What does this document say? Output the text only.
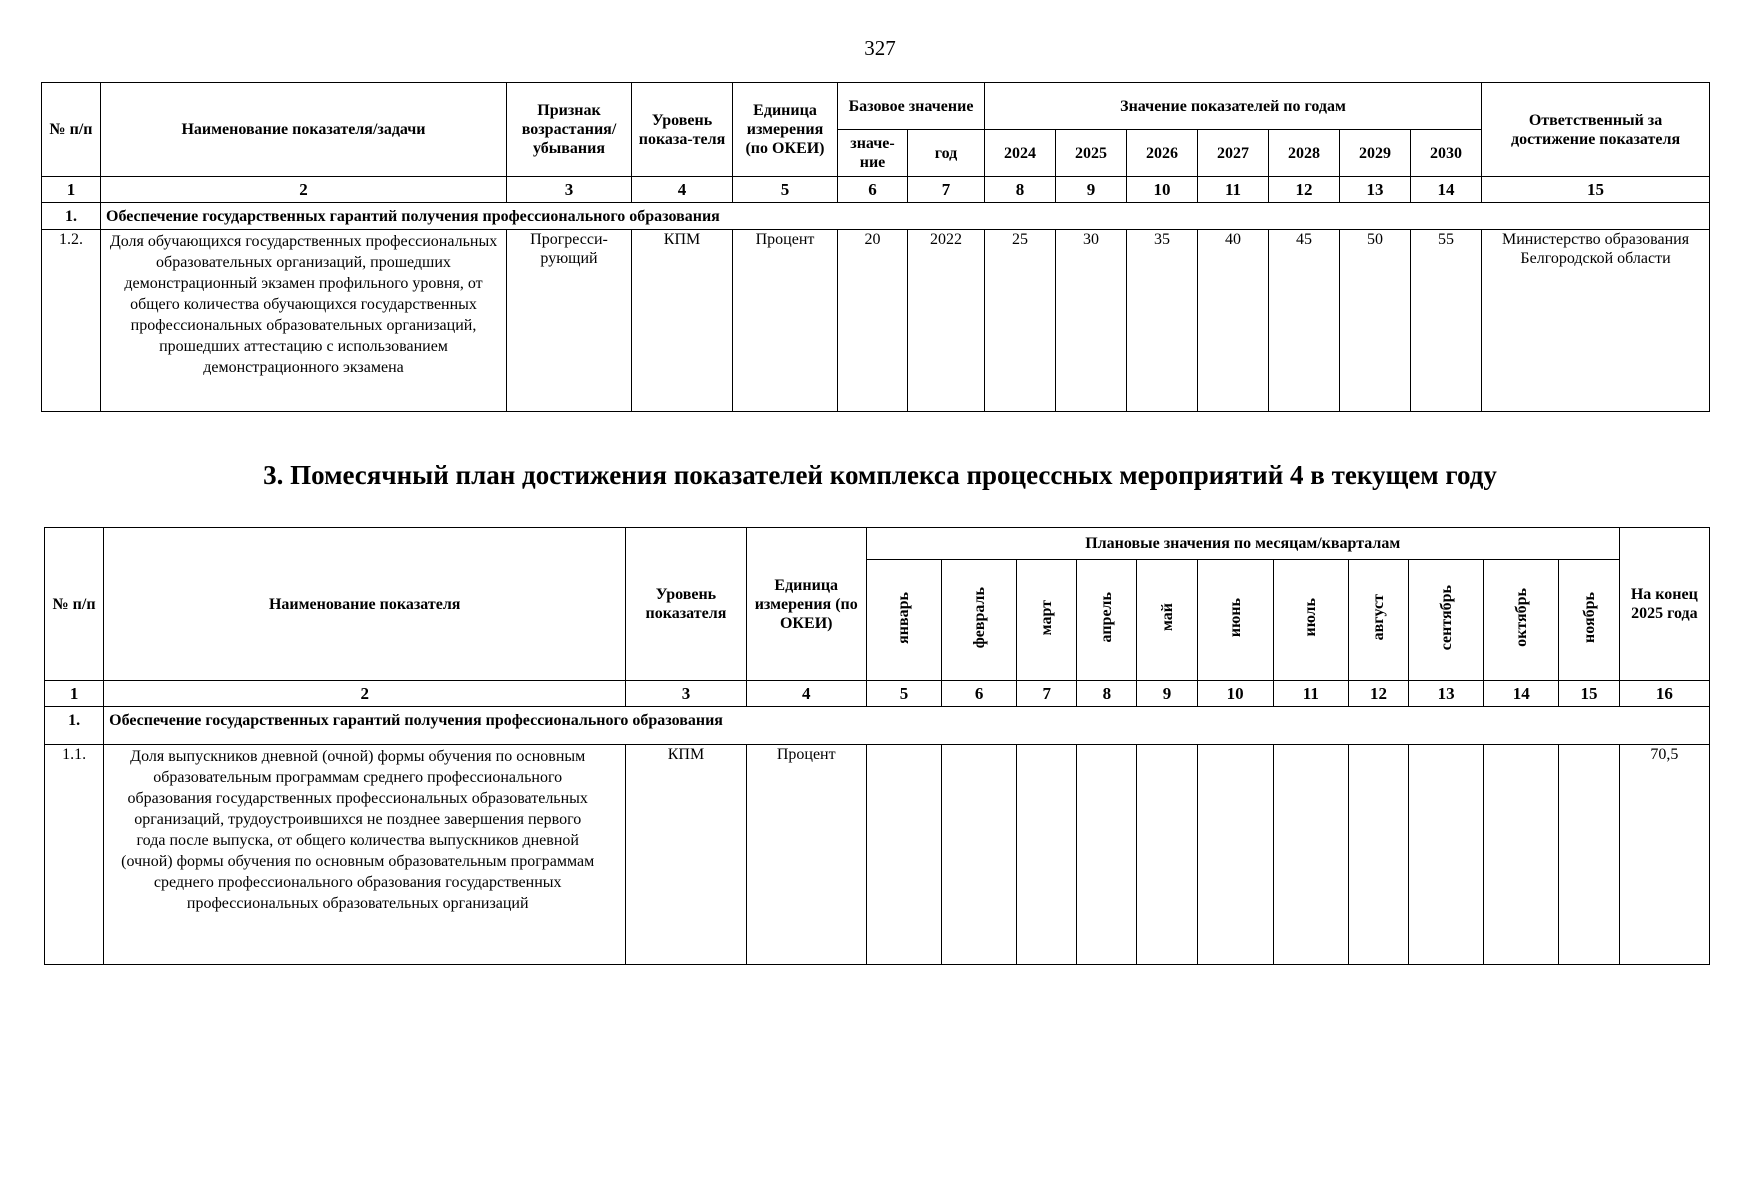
327
№ п/п	Наименование показателя/задачи	Признак возрастания/ убывания	Уровень показа-теля	Единица измерения (по ОКЕИ)	Базовое значение		Значение показателей по годам							Ответственный за достижение показателя
					значе-ние	год	2024	2025	2026	2027	2028	2029	2030	
1	2	3	4	5	6	7	8	9	10	11	12	13	14	15
1.	Обеспечение государственных гарантий получения профессионального образования													
1.2.	Доля обучающихся государственных профессиональных образовательных организаций, прошедших демонстрационный экзамен профильного уровня, от общего количества обучающихся государственных профессиональных образовательных организаций, прошедших аттестацию с использованием демонстрационного экзамена	Прогресси-рующий	КПМ	Процент	20	2022	25	30	35	40	45	50	55	Министерство образования Белгородской области
3. Помесячный план достижения показателей комплекса процессных мероприятий 4 в текущем году
№ п/п	Наименование показателя	Уровень показателя	Единица измерения (по ОКЕИ)	Плановые значения по месяцам/кварталам											На конец 2025 года
				январь	февраль	март	апрель	май	июнь	июль	август	сентябрь	октябрь	ноябрь	
1	2	3	4	5	6	7	8	9	10	11	12	13	14	15	16
1.	Обеспечение государственных гарантий получения профессионального образования														
1.1.	Доля выпускников дневной (очной) формы обучения по основным образовательным программам среднего профессионального образования государственных профессиональных образовательных организаций, трудоустроившихся не позднее завершения первого года после выпуска, от общего количества выпускников дневной (очной) формы обучения по основным образовательным программам среднего профессионального образования государственных профессиональных образовательных организаций	КПМ	Процент												70,5
